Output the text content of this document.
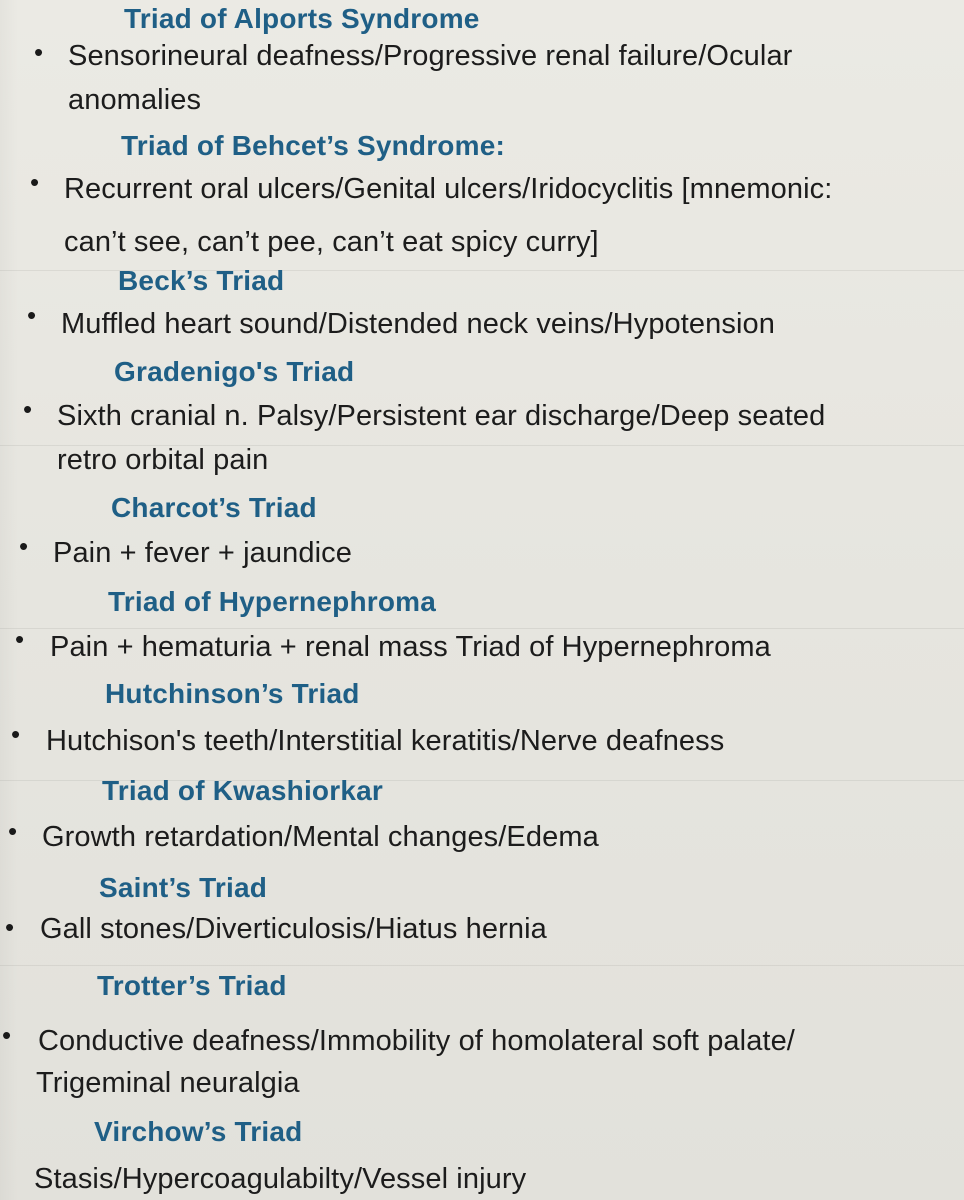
Triad of Alports Syndrome
• Sensorineural deafness/Progressive renal failure/Ocular
anomalies
Triad of Behcet’s Syndrome:
• Recurrent oral ulcers/Genital ulcers/Iridocyclitis [mnemonic:
can’t see, can’t pee, can’t eat spicy curry]
Beck’s Triad
• Muffled heart sound/Distended neck veins/Hypotension
Gradenigo's Triad
• Sixth cranial n. Palsy/Persistent ear discharge/Deep seated
retro orbital pain
Charcot’s Triad
• Pain + fever + jaundice
Triad of Hypernephroma
• Pain + hematuria + renal mass Triad of Hypernephroma
Hutchinson’s Triad
• Hutchison's teeth/Interstitial keratitis/Nerve deafness
Triad of Kwashiorkar
• Growth retardation/Mental changes/Edema
Saint’s Triad
• Gall stones/Diverticulosis/Hiatus hernia
Trotter’s Triad
• Conductive deafness/Immobility of homolateral soft palate/
Trigeminal neuralgia
Virchow’s Triad
Stasis/Hypercoagulabilty/Vessel injury
